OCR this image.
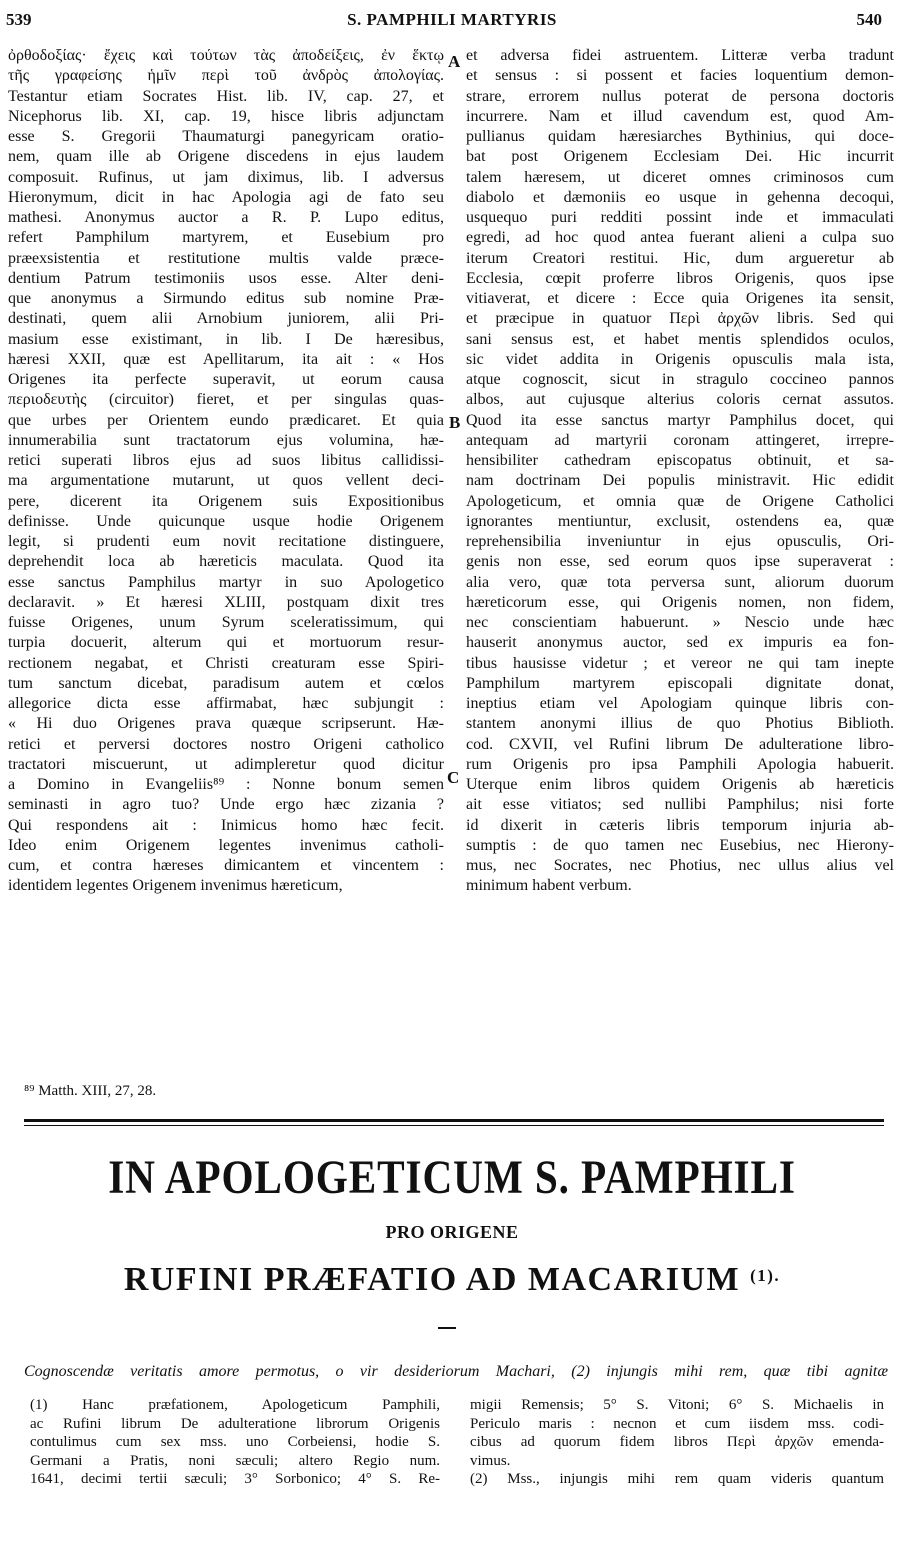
539	S. PAMPHILI MARTYRIS	540
A
B
C

ὀρθοδοξίας· ἔχεις καὶ τούτων τὰς ἀποδείξεις, ἐν ἕκτῳ

τῆς γραφείσης ἡμῖν περὶ τοῦ ἀνδρὸς ἀπολογίας.

Testantur etiam Socrates Hist. lib. IV, cap. 27, et

Nicephorus lib. XI, cap. 19, hisce libris adjunctam

esse S. Gregorii Thaumaturgi panegyricam oratio-

nem, quam ille ab Origene discedens in ejus laudem

composuit. Rufinus, ut jam diximus, lib. I adversus

Hieronymum, dicit in hac Apologia agi de fato seu

mathesi. Anonymus auctor a R. P. Lupo editus,

refert Pamphilum martyrem, et Eusebium pro

præexsistentia et restitutione multis valde præce-

dentium Patrum testimoniis usos esse. Alter deni-

que anonymus a Sirmundo editus sub nomine Præ-

destinati, quem alii Arnobium juniorem, alii Pri-

masium esse existimant, in lib. I De hæresibus,

hæresi XXII, quæ est Apellitarum, ita ait : « Hos

Origenes ita perfecte superavit, ut eorum causa

περιοδευτὴς (circuitor) fieret, et per singulas quas-

que urbes per Orientem eundo prædicaret. Et quia

innumerabilia sunt tractatorum ejus volumina, hæ-

retici superati libros ejus ad suos libitus callidissi-

ma argumentatione mutarunt, ut quos vellent deci-

pere, dicerent ita Origenem suis Expositionibus

definisse. Unde quicunque usque hodie Origenem

legit, si prudenti eum novit recitatione distinguere,

deprehendit loca ab hæreticis maculata. Quod ita

esse sanctus Pamphilus martyr in suo Apologetico

declaravit. » Et hæresi XLIII, postquam dixit tres

fuisse Origenes, unum Syrum sceleratissimum, qui

turpia docuerit, alterum qui et mortuorum resur-

rectionem negabat, et Christi creaturam esse Spiri-

tum sanctum dicebat, paradisum autem et cœlos

allegorice dicta esse affirmabat, hæc subjungit :

« Hi duo Origenes prava quæque scripserunt. Hæ-

retici et perversi doctores nostro Origeni catholico

tractatori miscuerunt, ut adimpleretur quod dicitur

a Domino in Evangeliis⁸⁹ : Nonne bonum semen

seminasti in agro tuo? Unde ergo hæc zizania ?

Qui respondens ait : Inimicus homo hæc fecit.

Ideo enim Origenem legentes invenimus catholi-

cum, et contra hæreses dimicantem et vincentem :

identidem legentes Origenem invenimus hæreticum,

et adversa fidei astruentem. Litteræ verba tradunt

et sensus : si possent et facies loquentium demon-

strare, errorem nullus poterat de persona doctoris

incurrere. Nam et illud cavendum est, quod Am-

pullianus quidam hæresiarches Bythinius, qui doce-

bat post Origenem Ecclesiam Dei. Hic incurrit

talem hæresem, ut diceret omnes criminosos cum

diabolo et dæmoniis eo usque in gehenna decoqui,

usquequo puri redditi possint inde et immaculati

egredi, ad hoc quod antea fuerant alieni a culpa suo

iterum Creatori restitui. Hic, dum argueretur ab

Ecclesia, cœpit proferre libros Origenis, quos ipse

vitiaverat, et dicere : Ecce quia Origenes ita sensit,

et præcipue in quatuor Περὶ ἀρχῶν libris. Sed qui

sani sensus est, et habet mentis splendidos oculos,

sic videt addita in Origenis opusculis mala ista,

atque cognoscit, sicut in stragulo coccineo pannos

albos, aut cujusque alterius coloris cernat assutos.

Quod ita esse sanctus martyr Pamphilus docet, qui

antequam ad martyrii coronam attingeret, irrepre-

hensibiliter cathedram episcopatus obtinuit, et sa-

nam doctrinam Dei populis ministravit. Hic edidit

Apologeticum, et omnia quæ de Origene Catholici

ignorantes mentiuntur, exclusit, ostendens ea, quæ

reprehensibilia inveniuntur in ejus opusculis, Ori-

genis non esse, sed eorum quos ipse superaverat :

alia vero, quæ tota perversa sunt, aliorum duorum

hæreticorum esse, qui Origenis nomen, non fidem,

nec conscientiam habuerunt. » Nescio unde hæc

hauserit anonymus auctor, sed ex impuris ea fon-

tibus hausisse videtur ; et vereor ne qui tam inepte

Pamphilum martyrem episcopali dignitate donat,

ineptius etiam vel Apologiam quinque libris con-

stantem anonymi illius de quo Photius Biblioth.

cod. CXVII, vel Rufini librum De adulteratione libro-

rum Origenis pro ipsa Pamphili Apologia habuerit.

Uterque enim libros quidem Origenis ab hæreticis

ait esse vitiatos; sed nullibi Pamphilus; nisi forte

id dixerit in cæteris libris temporum injuria ab-

sumptis : de quo tamen nec Eusebius, nec Hierony-

mus, nec Socrates, nec Photius, nec ullus alius vel

minimum habent verbum.

⁸⁹ Matth. XIII, 27, 28.
IN APOLOGETICUM S. PAMPHILI
PRO ORIGENE
RUFINI PRÆFATIO AD MACARIUM $^{(1).}$
Cognoscendæ veritatis amore permotus, o vir desideriorum Machari, (2) injungis mihi rem, quæ tibi agnitæ

(1) Hanc præfationem, Apologeticum Pamphili,

ac Rufini librum De adulteratione librorum Origenis

contulimus cum sex mss. uno Corbeiensi, hodie S.

Germani a Pratis, noni sæculi; altero Regio num.

1641, decimi tertii sæculi; 3° Sorbonico; 4° S. Re-

migii Remensis; 5° S. Vitoni; 6° S. Michaelis in

Periculo maris : necnon et cum iisdem mss. codi-

cibus ad quorum fidem libros Περὶ ἀρχῶν emenda-

vimus.

(2) Mss., injungis mihi rem quam videris quantum
